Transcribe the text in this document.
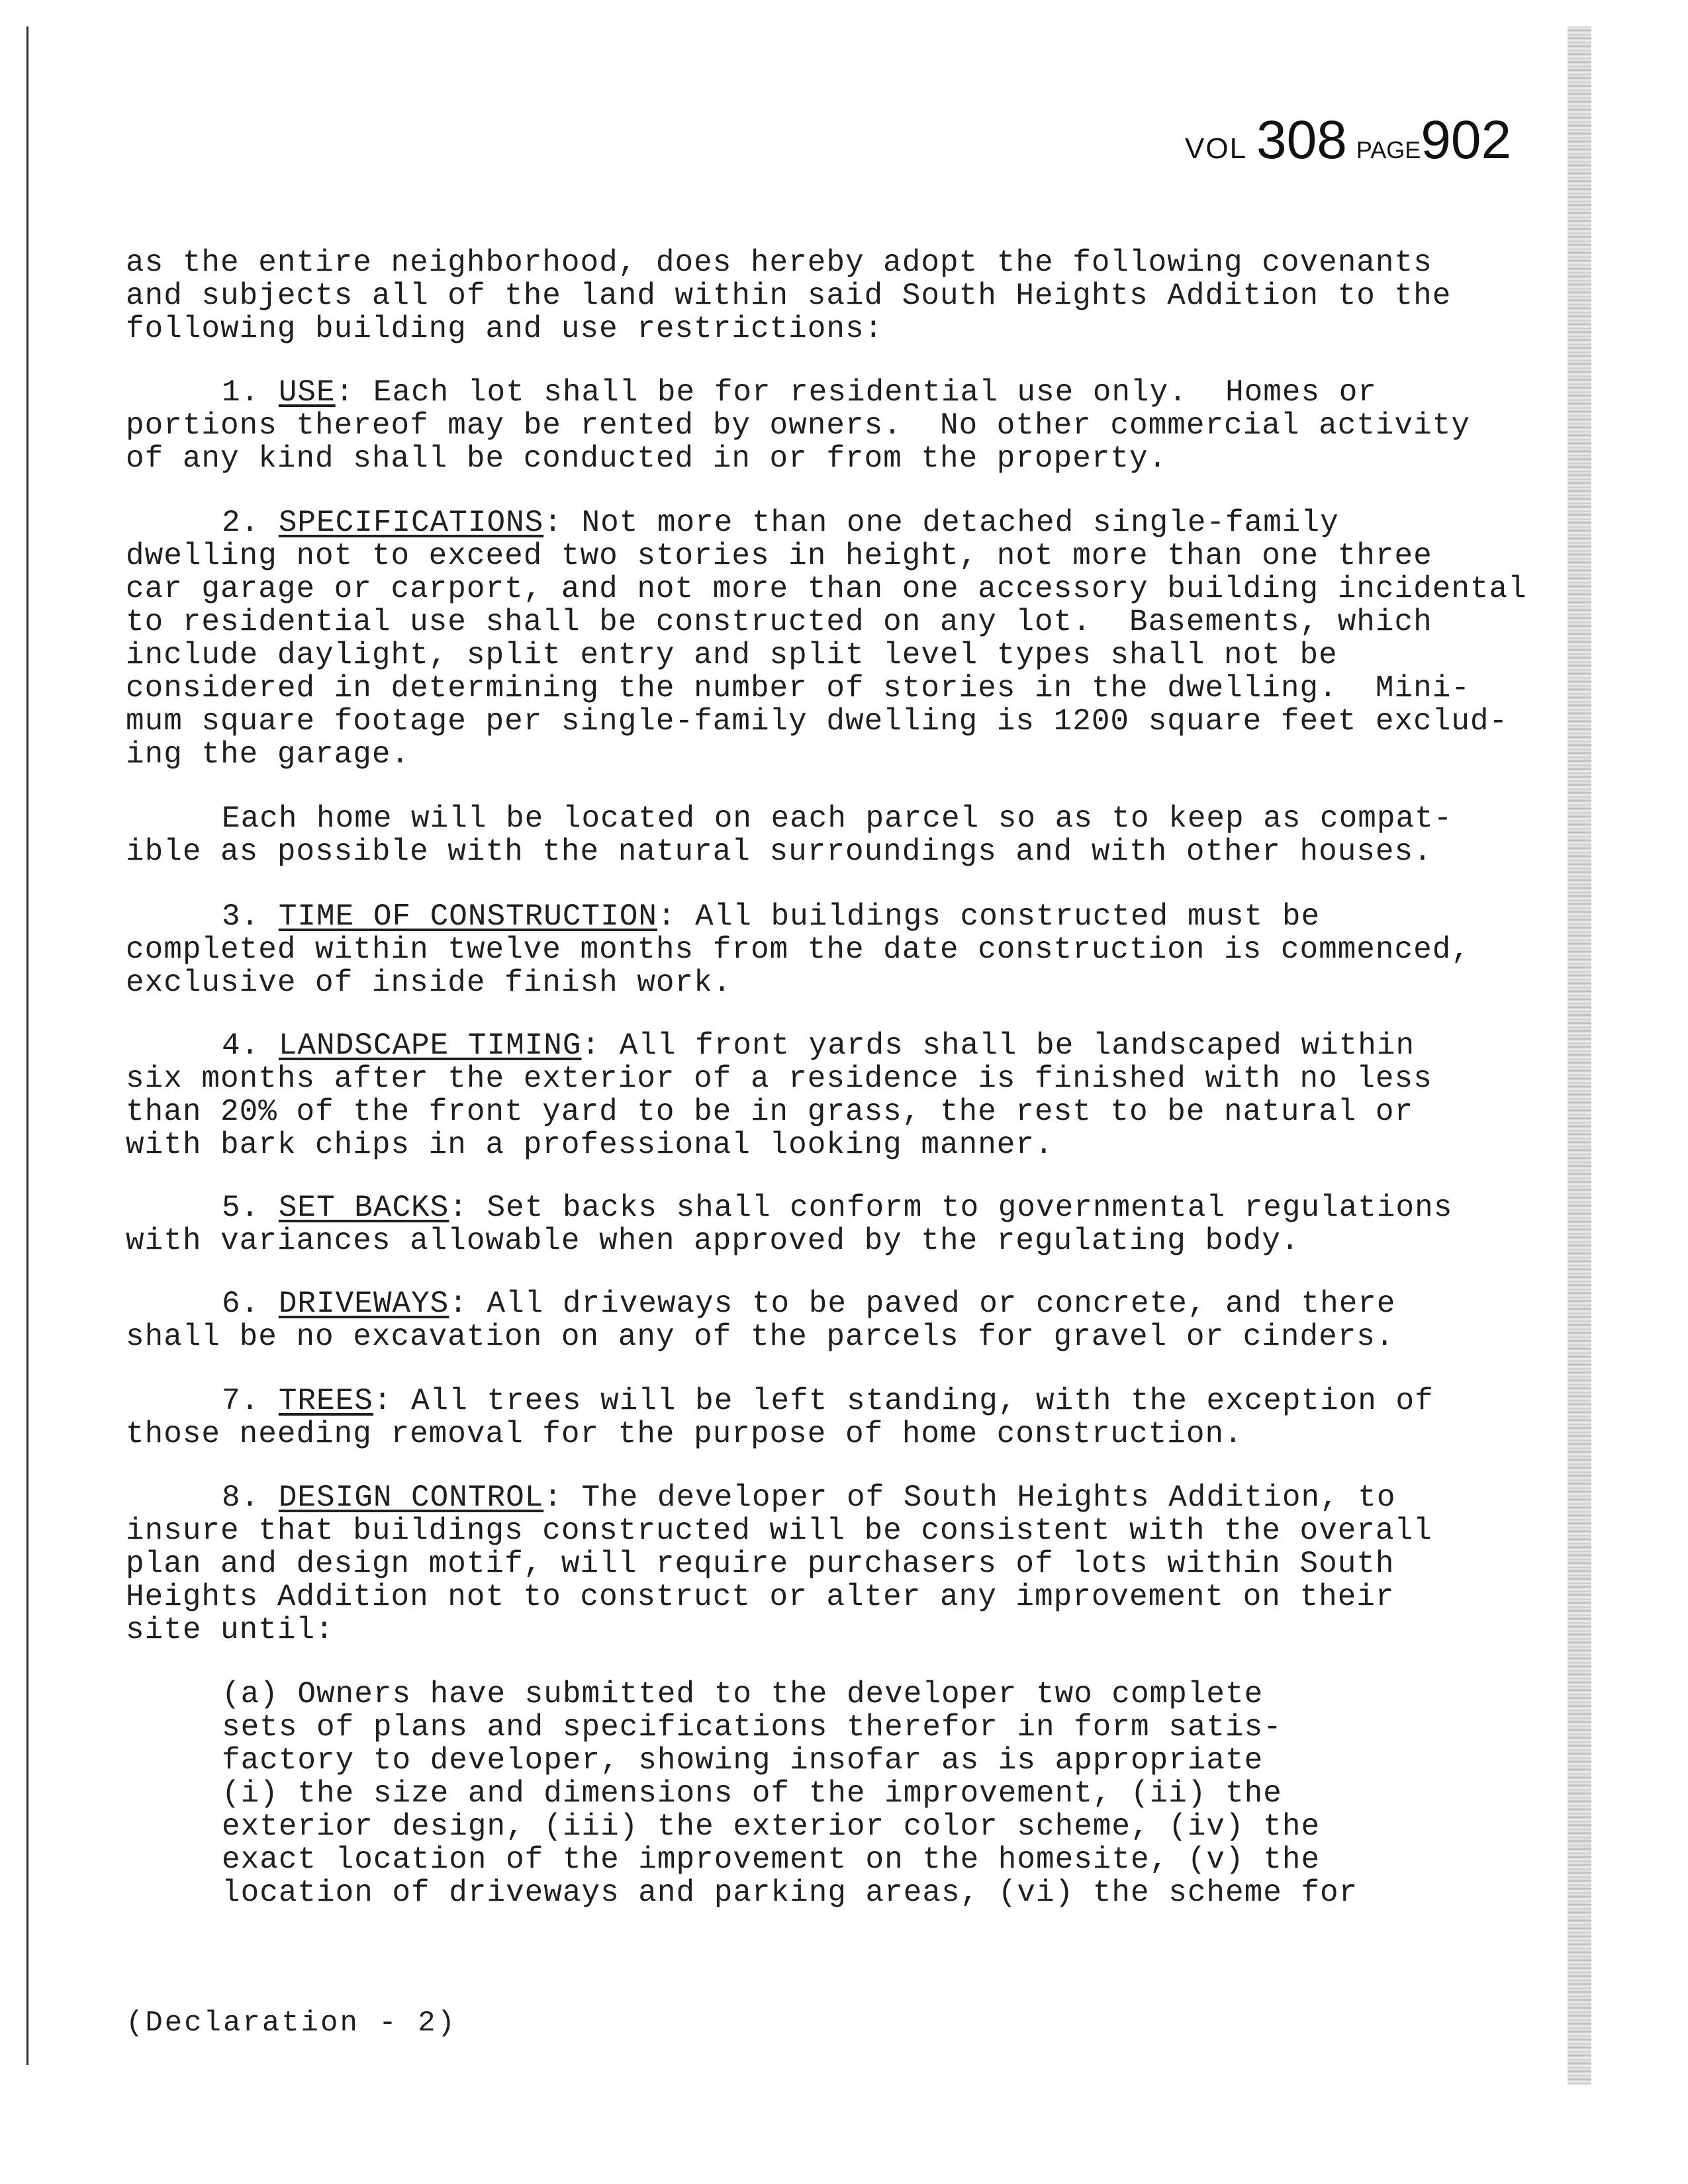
VOL 308 PAGE902

as the entire neighborhood, does hereby adopt the following covenants

and subjects all of the land within said South Heights Addition to the

following building and use restrictions:

1. USE: Each lot shall be for residential use only.  Homes or

portions thereof may be rented by owners.  No other commercial activity

of any kind shall be conducted in or from the property.

2. SPECIFICATIONS: Not more than one detached single-family

dwelling not to exceed two stories in height, not more than one three

car garage or carport, and not more than one accessory building incidental

to residential use shall be constructed on any lot.  Basements, which

include daylight, split entry and split level types shall not be

considered in determining the number of stories in the dwelling.  Mini-

mum square footage per single-family dwelling is 1200 square feet exclud-

ing the garage.

Each home will be located on each parcel so as to keep as compat-

ible as possible with the natural surroundings and with other houses.

3. TIME OF CONSTRUCTION: All buildings constructed must be

completed within twelve months from the date construction is commenced,

exclusive of inside finish work.

4. LANDSCAPE TIMING: All front yards shall be landscaped within

six months after the exterior of a residence is finished with no less

than 20% of the front yard to be in grass, the rest to be natural or

with bark chips in a professional looking manner.

5. SET BACKS: Set backs shall conform to governmental regulations

with variances allowable when approved by the regulating body.

6. DRIVEWAYS: All driveways to be paved or concrete, and there

shall be no excavation on any of the parcels for gravel or cinders.

7. TREES: All trees will be left standing, with the exception of

those needing removal for the purpose of home construction.

8. DESIGN CONTROL: The developer of South Heights Addition, to

insure that buildings constructed will be consistent with the overall

plan and design motif, will require purchasers of lots within South

Heights Addition not to construct or alter any improvement on their

site until:

(a) Owners have submitted to the developer two complete

sets of plans and specifications therefor in form satis-

factory to developer, showing insofar as is appropriate

(i) the size and dimensions of the improvement, (ii) the

exterior design, (iii) the exterior color scheme, (iv) the

exact location of the improvement on the homesite, (v) the

location of driveways and parking areas, (vi) the scheme for

(Declaration - 2)
